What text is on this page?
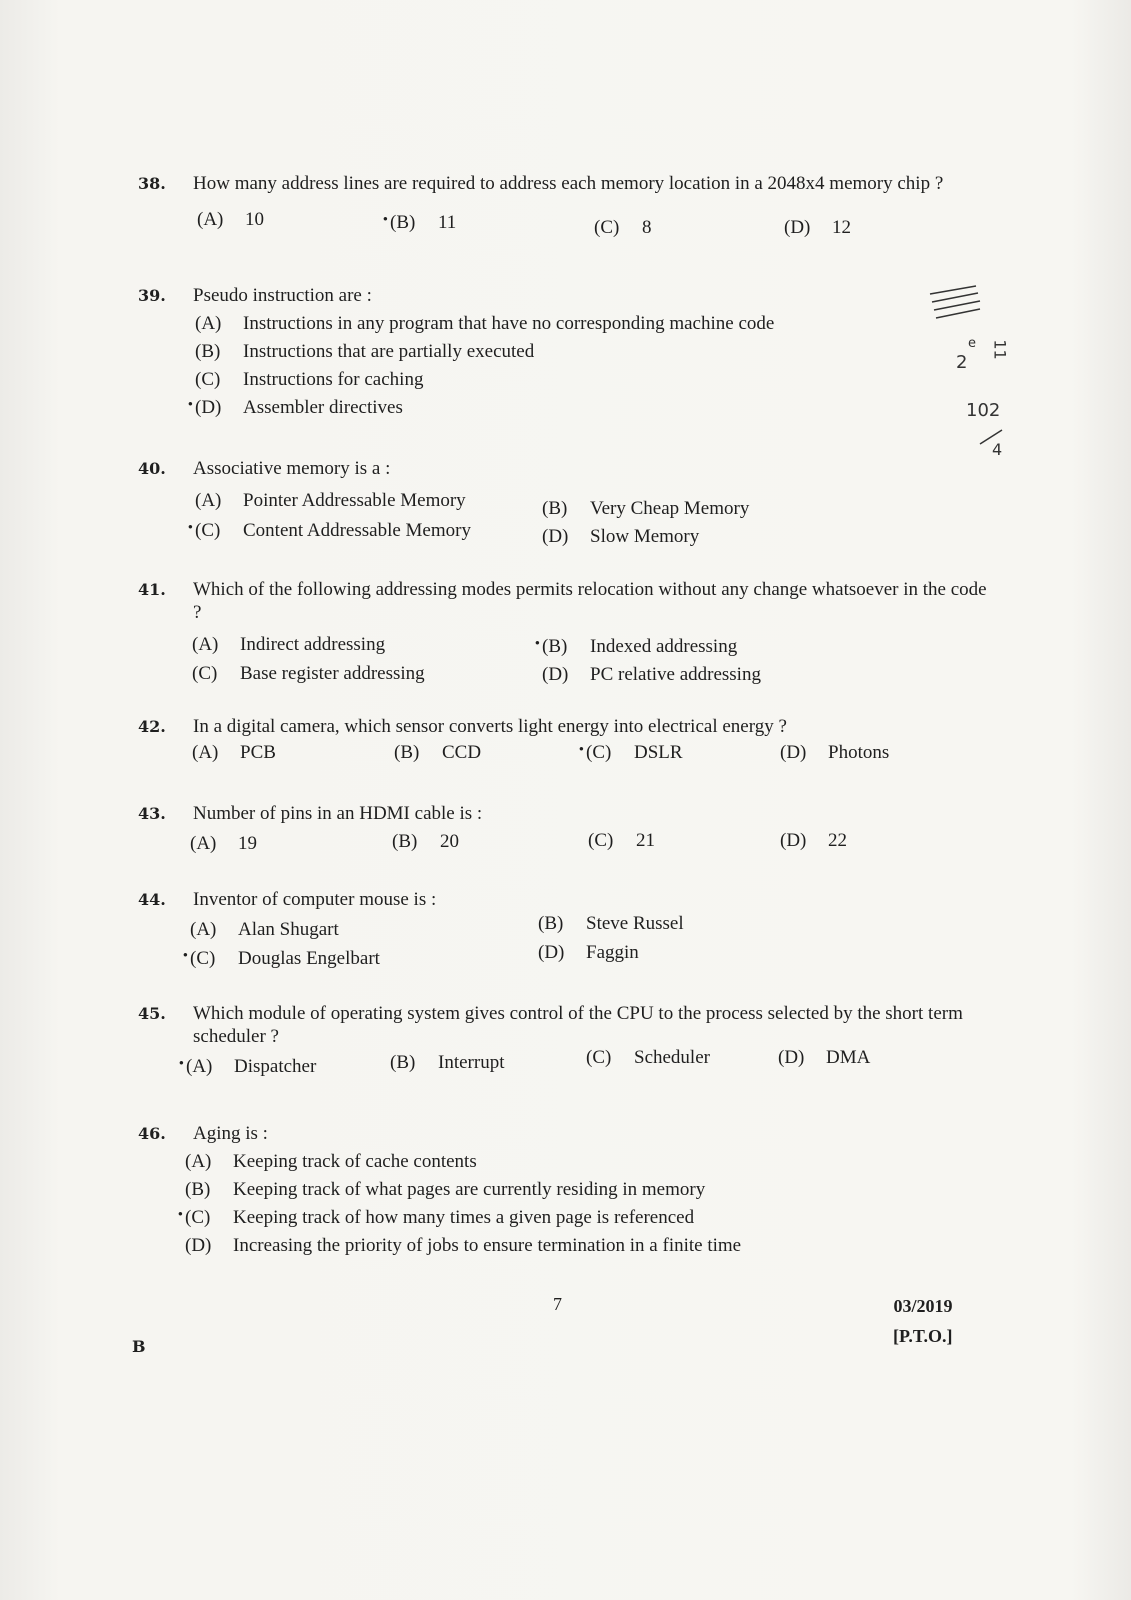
38.	How many address lines are required to address each memory location in a 2048x4 memory chip ?
(A)	10	• (B)	11	(C)	8	(D)	12
39.	Pseudo instruction are :
(A)	Instructions in any program that have no corresponding machine code
(B)	Instructions that are partially executed
(C)	Instructions for caching
• (D)	Assembler directives
40.	Associative memory is a :
(A)	Pointer Addressable Memory	(B)	Very Cheap Memory
• (C)	Content Addressable Memory	(D)	Slow Memory
41.	Which of the following addressing modes permits relocation without any change whatsoever in the code ?
(A)	Indirect addressing	• (B)	Indexed addressing
(C)	Base register addressing	(D)	PC relative addressing
42.	In a digital camera, which sensor converts light energy into electrical energy ?
(A)	PCB	(B)	CCD	• (C)	DSLR	(D)	Photons
43.	Number of pins in an HDMI cable is :
(A)	19	(B)	20	(C)	21	(D)	22
44.	Inventor of computer mouse is :
(A)	Alan Shugart	(B)	Steve Russel
• (C)	Douglas Engelbart	(D)	Faggin
45.	Which module of operating system gives control of the CPU to the process selected by the short term scheduler ?
• (A)	Dispatcher	(B)	Interrupt	(C)	Scheduler	(D)	DMA
46.	Aging is :
(A)	Keeping track of cache contents
(B)	Keeping track of what pages are currently residing in memory
• (C)	Keeping track of how many times a given page is referenced
(D)	Increasing the priority of jobs to ensure termination in a finite time
2
e 11
102
4
B
7	03/2019
[P.T.O.]
